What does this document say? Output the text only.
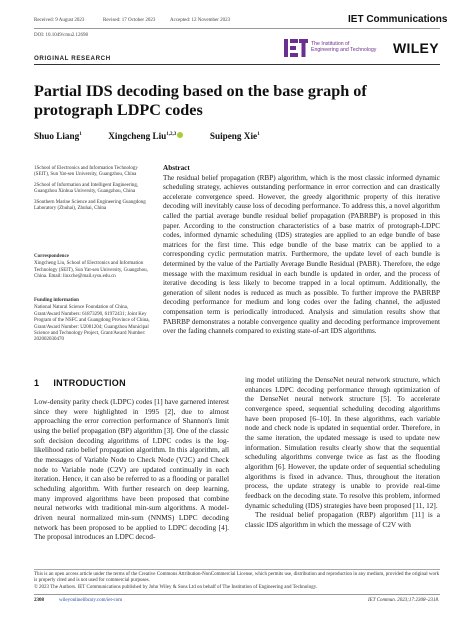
Received: 9 August 2023	Revised: 17 October 2023	Accepted: 12 November 2023	IET Communications
DOI: 10.1049/cmu2.12698
The Institution of
Engineering and Technology WILEY
ORIGINAL RESEARCH
Partial IDS decoding based on the base graph of protograph LDPC codes
Shuo Liang$^1$	Xingcheng Liu$^{1,2,3}$	Suipeng Xie$^1$

1School of Electronics and Information Technology (SEIT), Sun Yat-sen University, Guangzhou, China

2School of Information and Intelligent Engineering, Guangzhou Xinhua University, Guangzhou, China

3Southern Marine Science and Engineering Guangdong Laboratory (Zhuhai), Zhuhai, China

Correspondence

Xingcheng Liu, School of Electronics and Information Technology (SEIT), Sun Yat-sen University, Guangzhou, China. Email: liuxche@mail.sysu.edu.cn

Funding information

National Natural Science Foundation of China, Grant/Award Numbers: 61873290, 61972431; Joint Key Program of the NSFC and Guangdong Province of China, Grant/Award Number: U2001204; Guangzhou Municipal Science and Technology Project, Grant/Award Number: 202002030470

Abstract
The residual belief propagation (RBP) algorithm, which is the most classic informed dynamic scheduling strategy, achieves outstanding performance in error correction and can drastically accelerate convergence speed. However, the greedy algorithmic property of this iterative decoding will inevitably cause loss of decoding performance. To address this, a novel algorithm called the partial average bundle residual belief propagation (PABRBP) is proposed in this paper. According to the construction characteristics of a base matrix of protograph-LDPC codes, informed dynamic scheduling (IDS) strategies are applied to an edge bundle of base matrices for the first time. This edge bundle of the base matrix can be applied to a corresponding cyclic permutation matrix. Furthermore, the update level of each bundle is determined by the value of the Partially Average Bundle Residual (PABR). Therefore, the edge message with the maximum residual in each bundle is updated in order, and the process of iterative decoding is less likely to become trapped in a local optimum. Additionally, the generation of silent nodes is reduced as much as possible. To further improve the PABRBP decoding performance for medium and long codes over the fading channel, the adjusted compensation term is periodically introduced. Analysis and simulation results show that PABRBP demonstrates a notable convergence quality and decoding performance improvement over the fading channels compared to existing state-of-art IDS algorithms.
1 INTRODUCTION
Low-density parity check (LDPC) codes [1] have garnered interest since they were highlighted in 1995 [2], due to almost approaching the error correction performance of Shannon's limit using the belief propagation (BP) algorithm [3]. One of the classic soft decision decoding algorithms of LDPC codes is the log-likelihood ratio belief propagation algorithm. In this algorithm, all the messages of Variable Node to Check Node (V2C) and Check node to Variable node (C2V) are updated continually in each iteration. Hence, it can also be referred to as a flooding or parallel scheduling algorithm. With further research on deep learning, many improved algorithms have been proposed that combine neural networks with traditional min-sum algorithms. A model-driven neural normalized min-sum (NNMS) LDPC decoding network has been proposed to be applied to LDPC decoding [4]. The proposal introduces an LDPC decod-
ing model utilizing the DenseNet neural network structure, which enhances LDPC decoding performance through optimization of the DenseNet neural network structure [5]. To accelerate convergence speed, sequential scheduling decoding algorithms have been proposed [6–10]. In these algorithms, each variable node and check node is updated in sequential order. Therefore, in the same iteration, the updated message is used to update new information. Simulation results clearly show that the sequential scheduling algorithms converge twice as fast as the flooding algorithm [6]. However, the update order of sequential scheduling algorithms is fixed in advance. Thus, throughout the iteration process, the update strategy is unable to provide real-time feedback on the decoding state. To resolve this problem, informed dynamic scheduling (IDS) strategies have been proposed [11, 12].
The residual belief propagation (RBP) algorithm [11] is a classic IDS algorithm in which the message of C2V with
This is an open access article under the terms of the Creative Commons Attribution-NonCommercial License, which permits use, distribution and reproduction in any medium, provided the original work is properly cited and is not used for commercial purposes.
© 2023 The Authors. IET Communications published by John Wiley & Sons Ltd on behalf of The Institution of Engineering and Technology.
2308	wileyonlinelibrary.com/iet-com	IET Commun. 2023;17:2308–2318.
